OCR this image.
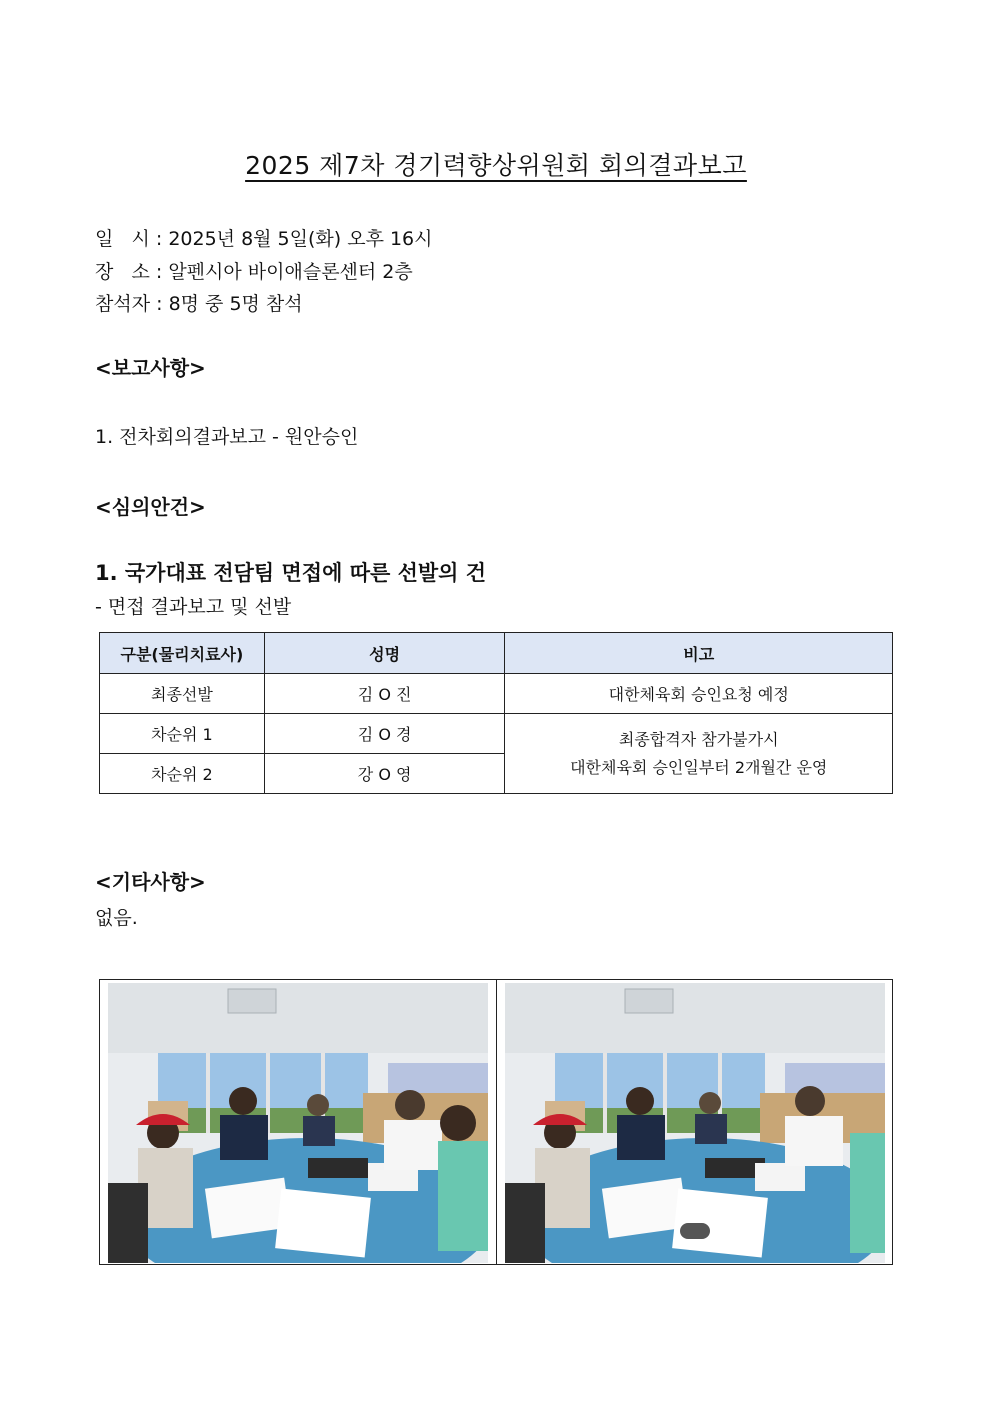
2025 제7차 경기력향상위원회 회의결과보고
일   시 : 2025년 8월 5일(화) 오후 16시
장   소 : 알펜시아 바이애슬론센터 2층
참석자 : 8명 중 5명 참석
<보고사항>
1. 전차회의결과보고 - 원안승인
<심의안건>
1. 국가대표 전담팀 면접에 따른 선발의 건
- 면접 결과보고 및 선발
구분(물리치료사)	성명	비고
최종선발	김 O 진	대한체육회 승인요청 예정
차순위 1	김 O 경	최종합격자 참가불가시
대한체육회 승인일부터 2개월간 운영

차순위 2	강 O 영	
<기타사항>
없음.
